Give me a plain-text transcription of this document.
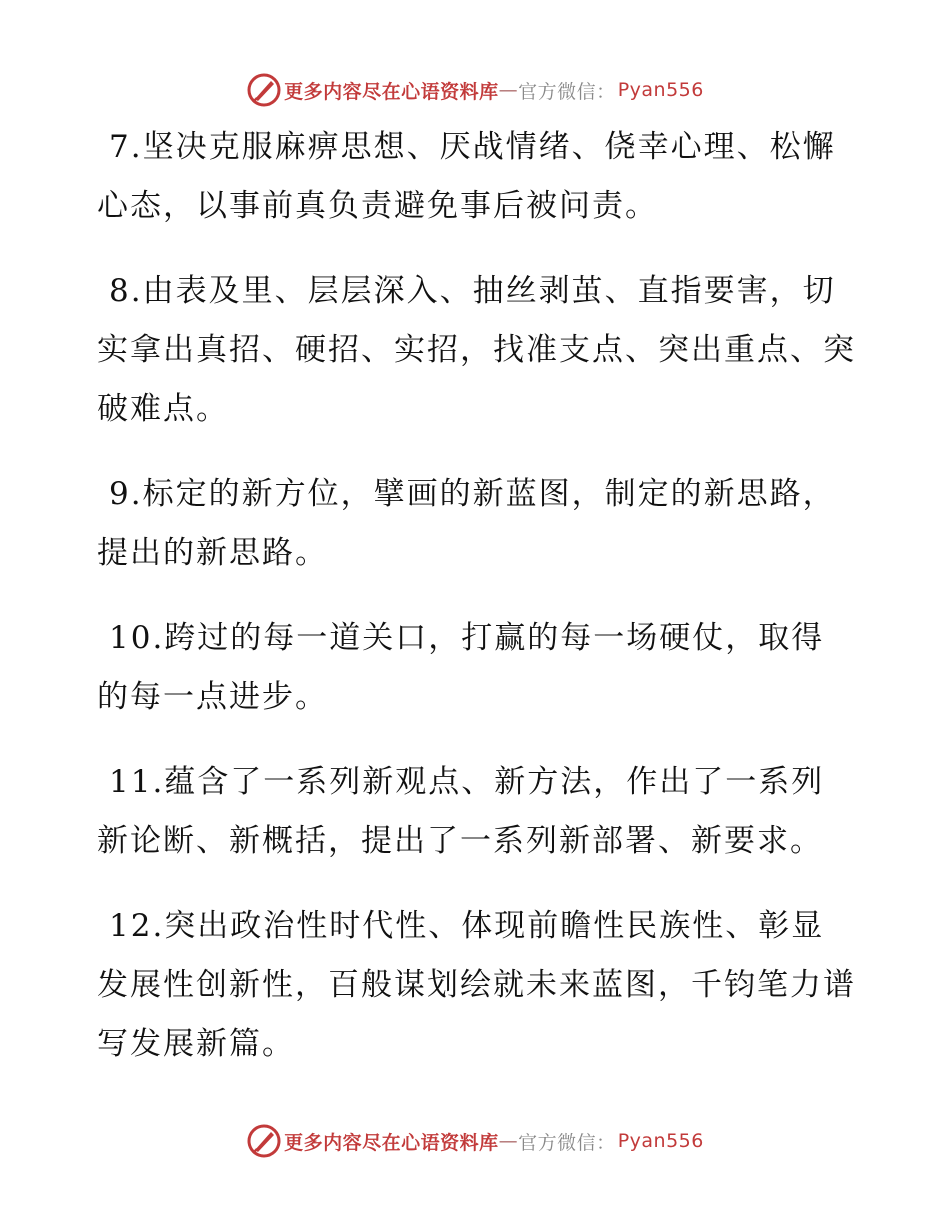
更多内容尽在心语资料库 — 官方微信： Pyan556

7.坚决克服麻痹思想、厌战情绪、侥幸心理、松懈心态，以事前真负责避免事后被问责。

8.由表及里、层层深入、抽丝剥茧、直指要害，切实拿出真招、硬招、实招，找准支点、突出重点、突破难点。

9.标定的新方位，擘画的新蓝图，制定的新思路，提出的新思路。

10.跨过的每一道关口，打赢的每一场硬仗，取得的每一点进步。

11.蕴含了一系列新观点、新方法，作出了一系列新论断、新概括，提出了一系列新部署、新要求。

12.突出政治性时代性、体现前瞻性民族性、彰显发展性创新性，百般谋划绘就未来蓝图，千钧笔力谱写发展新篇。

更多内容尽在心语资料库 — 官方微信： Pyan556
